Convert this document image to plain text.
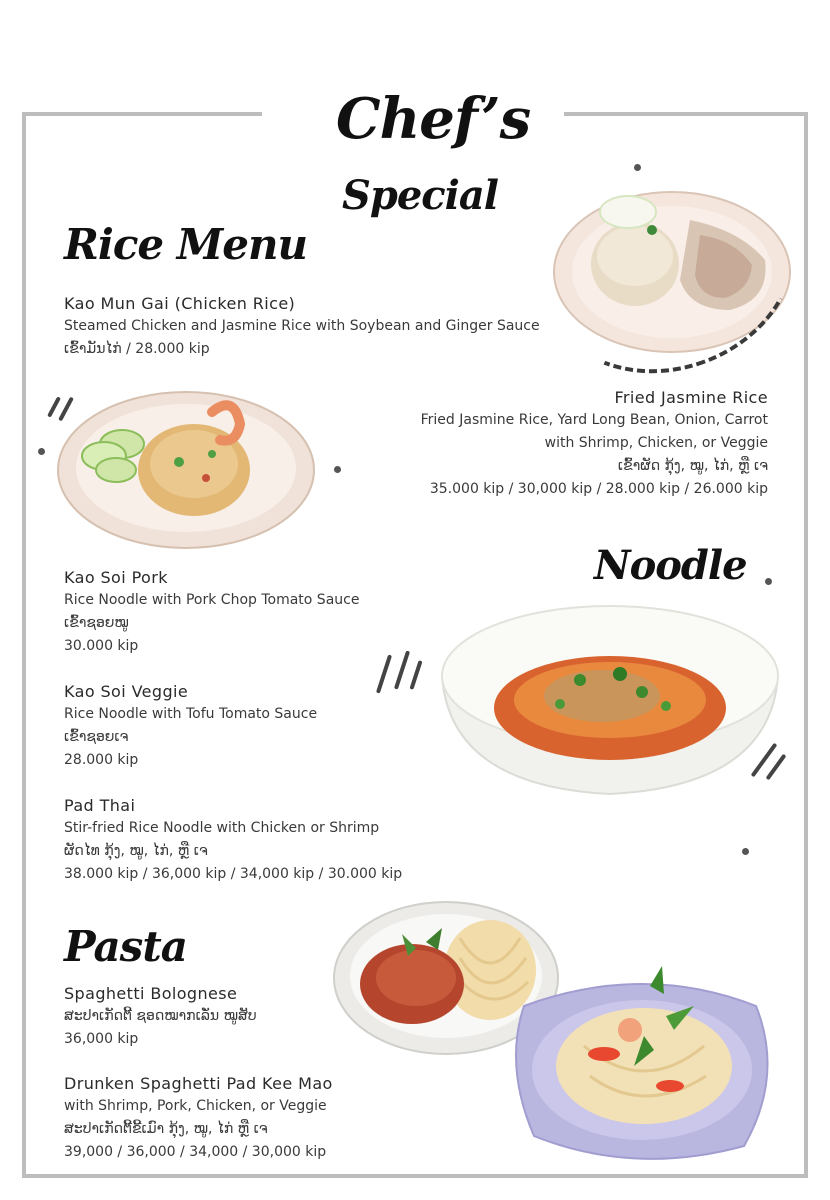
Chef’s
Special
Rice Menu
Noodle
Pasta
Kao Mun Gai (Chicken Rice)
Steamed Chicken and Jasmine Rice with Soybean and Ginger Sauce
ເຂົ້າມັນໄກ່ / 28.000 kip
Fried Jasmine Rice
Fried Jasmine Rice, Yard Long Bean, Onion, Carrot
with Shrimp, Chicken, or Veggie
ເຂົ້າຜັດ ກຸ້ງ, ໝູ, ໄກ່, ຫຼື ເຈ
35.000 kip / 30,000 kip / 28.000 kip / 26.000 kip
Kao Soi Pork
Rice Noodle with Pork Chop Tomato Sauce
ເຂົ້າຊອຍໝູ
30.000 kip
Kao Soi Veggie
Rice Noodle with Tofu Tomato Sauce
ເຂົ້າຊອຍເຈ
28.000 kip
Pad Thai
Stir-fried Rice Noodle with Chicken or Shrimp
ຜັດໄທ ກຸ້ງ, ໝູ, ໄກ່, ຫຼື ເຈ
38.000 kip / 36,000 kip / 34,000 kip / 30.000 kip
Spaghetti Bolognese
ສະປາເກັດຕີ້ ຊອດໝາກເລັ່ນ ໝູສັບ
36,000 kip
Drunken Spaghetti Pad Kee Mao
with Shrimp, Pork, Chicken, or Veggie
ສະປາເກັດຕີ້ຂີ້ເມົາ ກຸ້ງ, ໝູ, ໄກ່ ຫຼື ເຈ
39,000 / 36,000 / 34,000 / 30,000 kip
